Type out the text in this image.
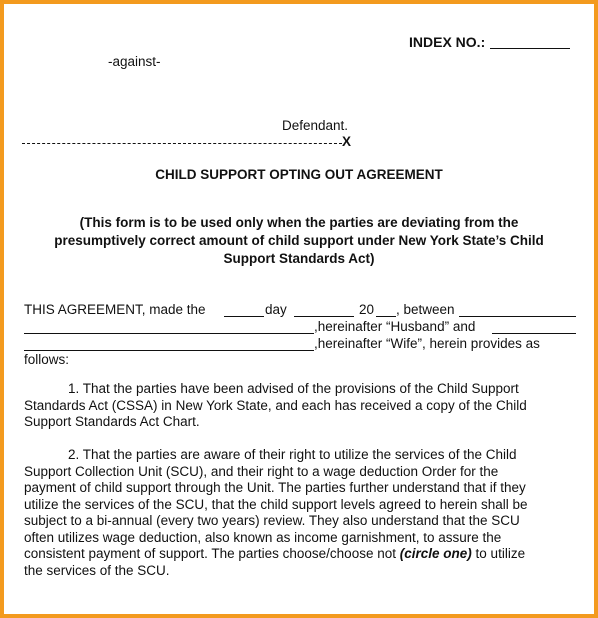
INDEX NO.:
-against-
Defendant.
X
CHILD SUPPORT OPTING OUT AGREEMENT
(This form is to be used only when the parties are deviating from the
presumptively correct amount of child support under New York State’s Child
Support Standards Act)
THIS AGREEMENT, made the	day	20 , between
,hereinafter “Husband” and
,hereinafter “Wife”, herein provides as
follows:
1. That the parties have been advised of the provisions of the Child Support
Standards Act (CSSA) in New York State, and each has received a copy of the Child
Support Standards Act Chart.
2. That the parties are aware of their right to utilize the services of the Child
Support Collection Unit (SCU), and their right to a wage deduction Order for the
payment of child support through the Unit. The parties further understand that if they
utilize the services of the SCU, that the child support levels agreed to herein shall be
subject to a bi-annual (every two years) review. They also understand that the SCU
often utilizes wage deduction, also known as income garnishment, to assure the
consistent payment of support. The parties choose/choose not (circle one) to utilize
the services of the SCU.
